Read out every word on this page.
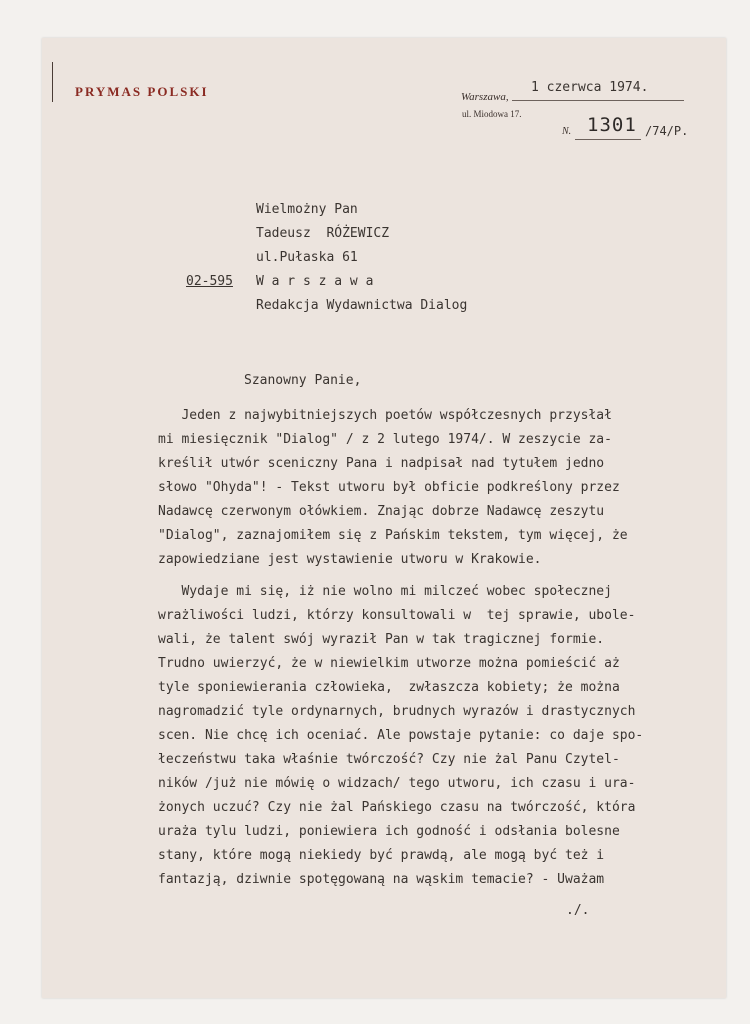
PRYMAS POLSKI	Warszawa,
1 czerwca 1974.
ul. Miodowa 17.
N. 1301 /74/P.
Wielmożny Pan
Tadeusz  RÓŻEWICZ
ul.Pułaska 61
02-595 W a r s z a w a
Redakcja Wydawnictwa Dialog
Szanowny Panie,
Jeden z najwybitniejszych poetów współczesnych przysłał
mi miesięcznik "Dialog" / z 2 lutego 1974/. W zeszycie za-
kreślił utwór sceniczny Pana i nadpisał nad tytułem jedno
słowo "Ohyda"! - Tekst utworu był obficie podkreślony przez
Nadawcę czerwonym ołówkiem. Znając dobrze Nadawcę zeszytu
"Dialog", zaznajomiłem się z Pańskim tekstem, tym więcej, że
zapowiedziane jest wystawienie utworu w Krakowie.
Wydaje mi się, iż nie wolno mi milczeć wobec społecznej
wrażliwości ludzi, którzy konsultowali w  tej sprawie, ubole-
wali, że talent swój wyraził Pan w tak tragicznej formie.
Trudno uwierzyć, że w niewielkim utworze można pomieścić aż
tyle sponiewierania człowieka,  zwłaszcza kobiety; że można
nagromadzić tyle ordynarnych, brudnych wyrazów i drastycznych
scen. Nie chcę ich oceniać. Ale powstaje pytanie: co daje spo-
łeczeństwu taka właśnie twórczość? Czy nie żal Panu Czytel-
ników /już nie mówię o widzach/ tego utworu, ich czasu i ura-
żonych uczuć? Czy nie żal Pańskiego czasu na twórczość, która
uraża tylu ludzi, poniewiera ich godność i odsłania bolesne
stany, które mogą niekiedy być prawdą, ale mogą być też i
fantazją, dziwnie spotęgowaną na wąskim temacie? - Uważam
./.
